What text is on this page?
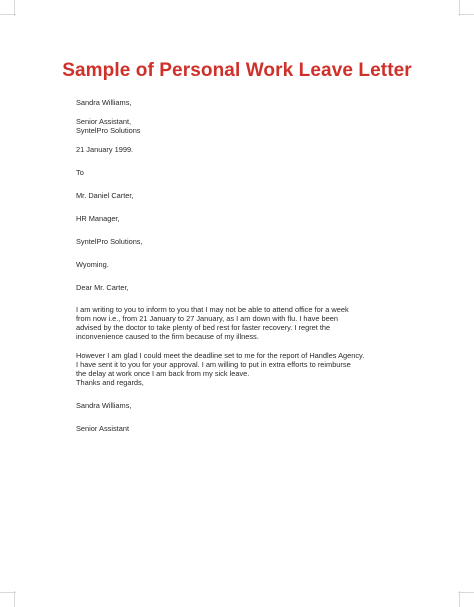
Sample of Personal Work Leave Letter
Sandra Williams,
Senior Assistant,
SyntelPro Solutions
21 January 1999.
To
Mr. Daniel Carter,
HR Manager,
SyntelPro Solutions,
Wyoming.
Dear Mr. Carter,
I am writing to you to inform to you that I may not be able to attend office for a week
from now i.e., from 21 January to 27 January, as I am down with flu. I have been
advised by the doctor to take plenty of bed rest for faster recovery. I regret the
inconvenience caused to the firm because of my illness.
However I am glad I could meet the deadline set to me for the report of Handles Agency.
I have sent it to you for your approval. I am willing to put in extra efforts to reimburse
the delay at work once I am back from my sick leave.
Thanks and regards,
Sandra Williams,
Senior Assistant
